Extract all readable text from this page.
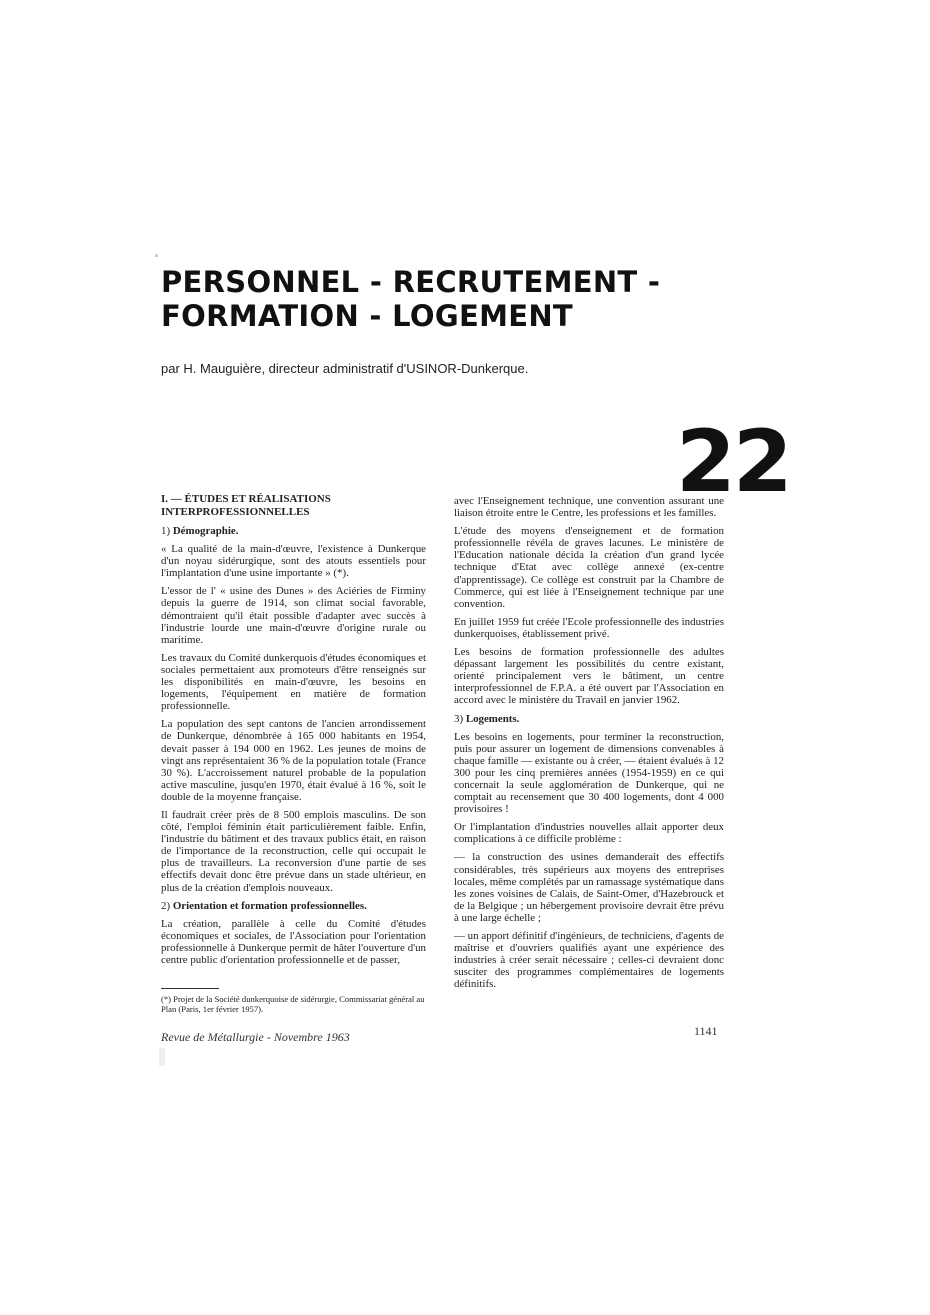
PERSONNEL - RECRUTEMENT -
FORMATION - LOGEMENT
par H. Mauguière, directeur administratif d'USINOR-Dunkerque.
22

I. — ÉTUDES ET RÉALISATIONS INTERPROFESSIONNELLES

1) Démographie.

« La qualité de la main-d'œuvre, l'existence à Dunkerque d'un noyau sidérurgique, sont des atouts essentiels pour l'implantation d'une usine importante » (*).

L'essor de l' « usine des Dunes » des Aciéries de Firminy depuis la guerre de 1914, son climat social favorable, démontraient qu'il était possible d'adapter avec succès à l'industrie lourde une main-d'œuvre d'origine rurale ou maritime.

Les travaux du Comité dunkerquois d'études économiques et sociales permettaient aux promoteurs d'être renseignés sur les disponibilités en main-d'œuvre, les besoins en logements, l'équipement en matière de formation professionnelle.

La population des sept cantons de l'ancien arrondissement de Dunkerque, dénombrée à 165 000 habitants en 1954, devait passer à 194 000 en 1962. Les jeunes de moins de vingt ans représentaient 36 % de la population totale (France 30 %). L'accroissement naturel probable de la population active masculine, jusqu'en 1970, était évalué à 16 %, soit le double de la moyenne française.

Il faudrait créer près de 8 500 emplois masculins. De son côté, l'emploi féminin était particulièrement faible. Enfin, l'industrie du bâtiment et des travaux publics était, en raison de l'importance de la reconstruction, celle qui occupait le plus de travailleurs. La reconversion d'une partie de ses effectifs devait donc être prévue dans un stade ultérieur, en plus de la création d'emplois nouveaux.

2) Orientation et formation professionnelles.

La création, parallèle à celle du Comité d'études économiques et sociales, de l'Association pour l'orientation professionnelle à Dunkerque permit de hâter l'ouverture d'un centre public d'orientation professionnelle et de passer,

(*) Projet de la Société dunkerquoise de sidérurgie, Commissariat général au Plan (Paris, 1er février 1957).

avec l'Enseignement technique, une convention assurant une liaison étroite entre le Centre, les professions et les familles.

L'étude des moyens d'enseignement et de formation professionnelle révéla de graves lacunes. Le ministère de l'Education nationale décida la création d'un grand lycée technique d'Etat avec collège annexé (ex-centre d'apprentissage). Ce collège est construit par la Chambre de Commerce, qui est liée à l'Enseignement technique par une convention.

En juillet 1959 fut créée l'Ecole professionnelle des industries dunkerquoises, établissement privé.

Les besoins de formation professionnelle des adultes dépassant largement les possibilités du centre existant, orienté principalement vers le bâtiment, un centre interprofessionnel de F.P.A. a été ouvert par l'Association en accord avec le ministère du Travail en janvier 1962.

3) Logements.

Les besoins en logements, pour terminer la reconstruction, puis pour assurer un logement de dimensions convenables à chaque famille — existante ou à créer, — étaient évalués à 12 300 pour les cinq premières années (1954-1959) en ce qui concernait la seule agglomération de Dunkerque, qui ne comptait au recensement que 30 400 logements, dont 4 000 provisoires !

Or l'implantation d'industries nouvelles allait apporter deux complications à ce difficile problème :

— la construction des usines demanderait des effectifs considérables, très supérieurs aux moyens des entreprises locales, même complétés par un ramassage systématique dans les zones voisines de Calais, de Saint-Omer, d'Hazebrouck et de la Belgique ; un hébergement provisoire devrait être prévu à une large échelle ;

— un apport définitif d'ingénieurs, de techniciens, d'agents de maîtrise et d'ouvriers qualifiés ayant une expérience des industries à créer serait nécessaire ; celles-ci devraient donc susciter des programmes complémentaires de logements définitifs.

Revue de Métallurgie - Novembre 1963	1141
